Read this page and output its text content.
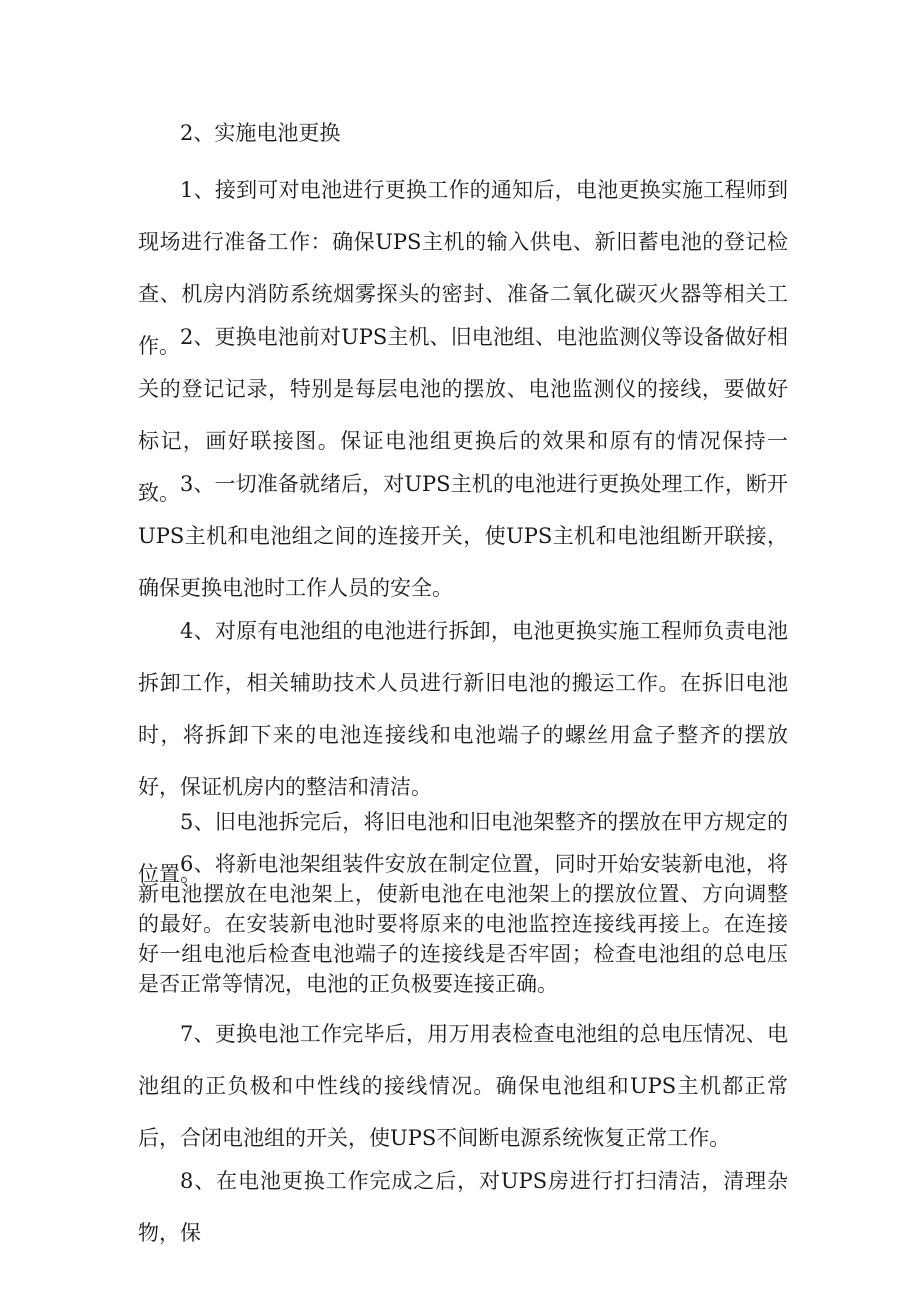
2、实施电池更换

1、接到可对电池进行更换工作的通知后，电池更换实施工程师到现场进行准备工作：确保UPS主机的输入供电、新旧蓄电池的登记检查、机房内消防系统烟雾探头的密封、准备二氧化碳灭火器等相关工作。 2、更换电池前对UPS主机、旧电池组、电池监测仪等设备做好相关的登记记录，特别是每层电池的摆放、电池监测仪的接线，要做好标记，画好联接图。保证电池组更换后的效果和原有的情况保持一致。 3、一切准备就绪后，对UPS主机的电池进行更换处理工作，断开UPS主机和电池组之间的连接开关，使UPS主机和电池组断开联接，确保更换电池时工作人员的安全。

4、对原有电池组的电池进行拆卸，电池更换实施工程师负责电池拆卸工作，相关辅助技术人员进行新旧电池的搬运工作。在拆旧电池时，将拆卸下来的电池连接线和电池端子的螺丝用盒子整齐的摆放好，保证机房内的整洁和清洁。

5、旧电池拆完后，将旧电池和旧电池架整齐的摆放在甲方规定的位置。

6、将新电池架组装件安放在制定位置，同时开始安装新电池，将新电池摆放在电池架上，使新电池在电池架上的摆放位置、方向调整的最好。在安装新电池时要将原来的电池监控连接线再接上。在连接好一组电池后检查电池端子的连接线是否牢固；检查电池组的总电压是否正常等情况，电池的正负极要连接正确。

7、更换电池工作完毕后，用万用表检查电池组的总电压情况、电池组的正负极和中性线的接线情况。确保电池组和UPS主机都正常后，合闭电池组的开关，使UPS不间断电源系统恢复正常工作。

8、在电池更换工作完成之后，对UPS房进行打扫清洁，清理杂物，保
